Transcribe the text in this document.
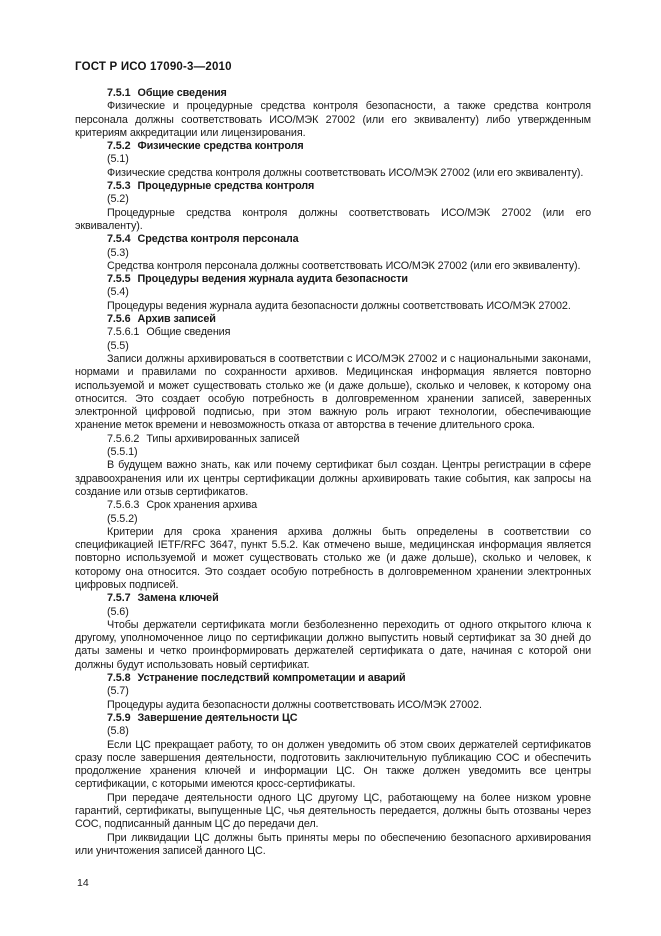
ГОСТ Р ИСО 17090-3—2010
7.5.1 Общие сведения
Физические и процедурные средства контроля безопасности, а также средства контроля персонала должны соответствовать ИСО/МЭК 27002 (или его эквиваленту) либо утвержденным критериям аккредитации или лицензирования.
7.5.2 Физические средства контроля
(5.1)
Физические средства контроля должны соответствовать ИСО/МЭК 27002 (или его эквиваленту).
7.5.3 Процедурные средства контроля
(5.2)
Процедурные средства контроля должны соответствовать ИСО/МЭК 27002 (или его эквиваленту).
7.5.4 Средства контроля персонала
(5.3)
Средства контроля персонала должны соответствовать ИСО/МЭК 27002 (или его эквиваленту).
7.5.5 Процедуры ведения журнала аудита безопасности
(5.4)
Процедуры ведения журнала аудита безопасности должны соответствовать ИСО/МЭК 27002.
7.5.6 Архив записей
7.5.6.1 Общие сведения
(5.5)
Записи должны архивироваться в соответствии с ИСО/МЭК 27002 и с национальными законами, нормами и правилами по сохранности архивов. Медицинская информация является повторно используемой и может существовать столько же (и даже дольше), сколько и человек, к которому она относится. Это создает особую потребность в долговременном хранении записей, заверенных электронной цифровой подписью, при этом важную роль играют технологии, обеспечивающие хранение меток времени и невозможность отказа от авторства в течение длительного срока.
7.5.6.2 Типы архивированных записей
(5.5.1)
В будущем важно знать, как или почему сертификат был создан. Центры регистрации в сфере здравоохранения или их центры сертификации должны архивировать такие события, как запросы на создание или отзыв сертификатов.
7.5.6.3 Срок хранения архива
(5.5.2)
Критерии для срока хранения архива должны быть определены в соответствии со спецификацией IETF/RFC 3647, пункт 5.5.2. Как отмечено выше, медицинская информация является повторно используемой и может существовать столько же (и даже дольше), сколько и человек, к которому она относится. Это создает особую потребность в долговременном хранении электронных цифровых подписей.
7.5.7 Замена ключей
(5.6)
Чтобы держатели сертификата могли безболезненно переходить от одного открытого ключа к другому, уполномоченное лицо по сертификации должно выпустить новый сертификат за 30 дней до даты замены и четко проинформировать держателей сертификата о дате, начиная с которой они должны будут использовать новый сертификат.
7.5.8 Устранение последствий компрометации и аварий
(5.7)
Процедуры аудита безопасности должны соответствовать ИСО/МЭК 27002.
7.5.9 Завершение деятельности ЦС
(5.8)
Если ЦС прекращает работу, то он должен уведомить об этом своих держателей сертификатов сразу после завершения деятельности, подготовить заключительную публикацию СОС и обеспечить продолжение хранения ключей и информации ЦС. Он также должен уведомить все центры сертификации, с которыми имеются кросс-сертификаты.
При передаче деятельности одного ЦС другому ЦС, работающему на более низком уровне гарантий, сертификаты, выпущенные ЦС, чья деятельность передается, должны быть отозваны через СОС, подписанный данным ЦС до передачи дел.
При ликвидации ЦС должны быть приняты меры по обеспечению безопасного архивирования или уничтожения записей данного ЦС.
14
